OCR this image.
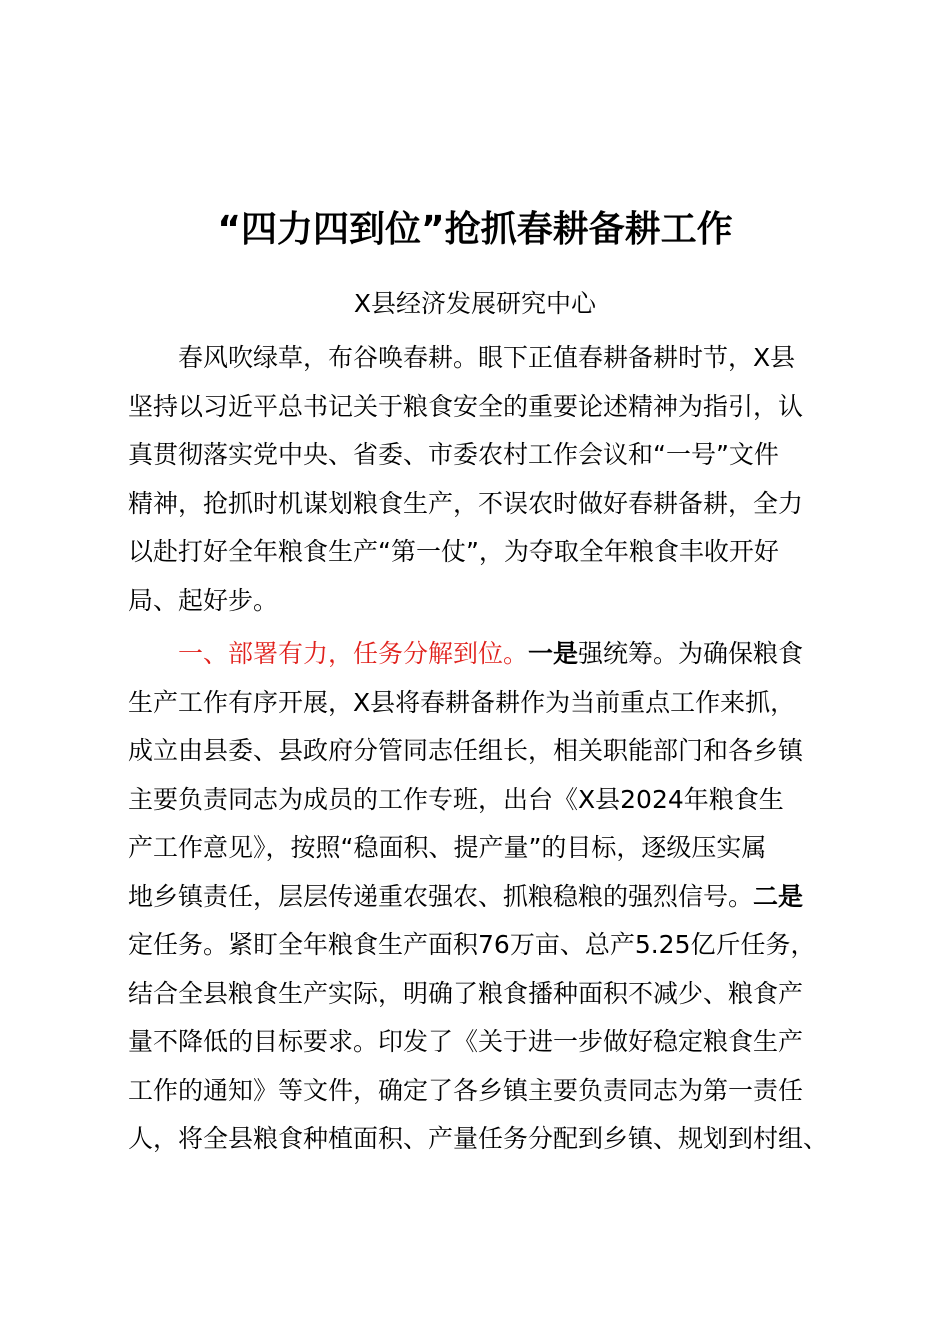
“四力四到位”抢抓春耕备耕工作
X县经济发展研究中心
春风吹绿草，布谷唤春耕。眼下正值春耕备耕时节，X县
坚持以习近平总书记关于粮食安全的重要论述精神为指引，认
真贯彻落实党中央、省委、市委农村工作会议和“一号”文件
精神，抢抓时机谋划粮食生产，不误农时做好春耕备耕，全力
以赴打好全年粮食生产“第一仗”，为夺取全年粮食丰收开好
局、起好步。
一、部署有力，任务分解到位。一是强统筹。为确保粮食
生产工作有序开展，X县将春耕备耕作为当前重点工作来抓，
成立由县委、县政府分管同志任组长，相关职能部门和各乡镇
主要负责同志为成员的工作专班，出台《X县2024年粮食生
产工作意见》，按照“稳面积、提产量”的目标，逐级压实属
地乡镇责任，层层传递重农强农、抓粮稳粮的强烈信号。二是
定任务。紧盯全年粮食生产面积76万亩、总产5.25亿斤任务，
结合全县粮食生产实际，明确了粮食播种面积不减少、粮食产
量不降低的目标要求。印发了《关于进一步做好稳定粮食生产
工作的通知》等文件，确定了各乡镇主要负责同志为第一责任
人，将全县粮食种植面积、产量任务分配到乡镇、规划到村组、
